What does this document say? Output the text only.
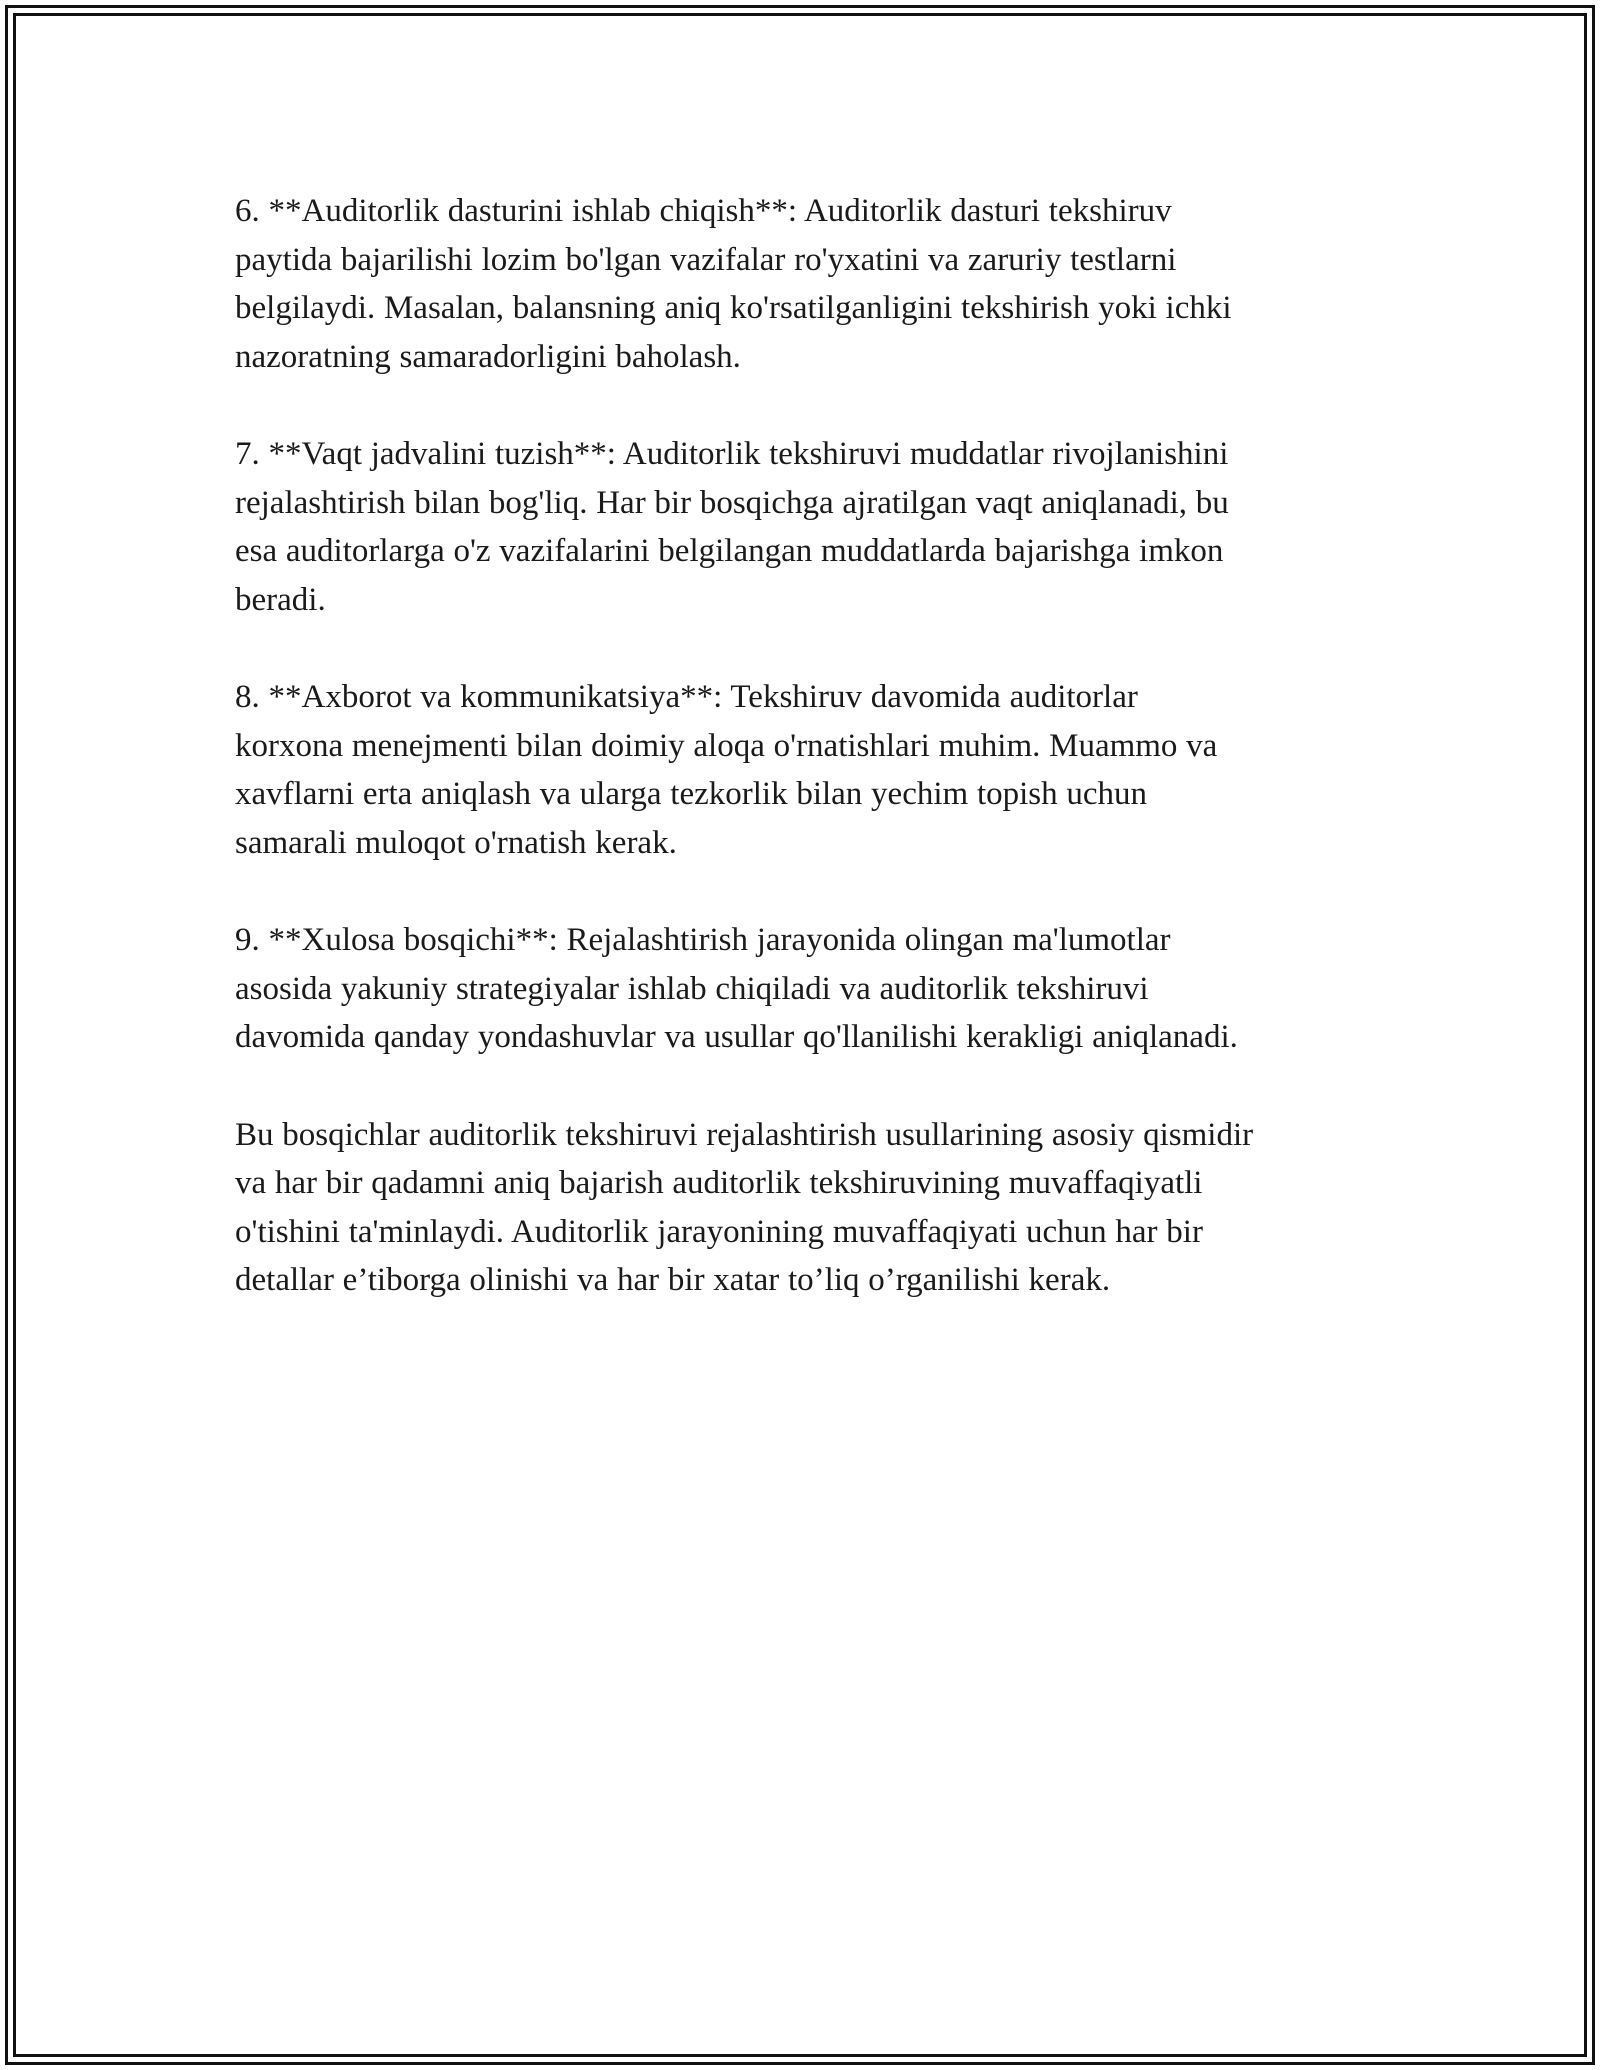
6. **Auditorlik dasturini ishlab chiqish**: Auditorlik dasturi tekshiruv
paytida bajarilishi lozim bo'lgan vazifalar ro'yxatini va zaruriy testlarni
belgilaydi. Masalan, balansning aniq ko'rsatilganligini tekshirish yoki ichki
nazoratning samaradorligini baholash.

7. **Vaqt jadvalini tuzish**: Auditorlik tekshiruvi muddatlar rivojlanishini
rejalashtirish bilan bog'liq. Har bir bosqichga ajratilgan vaqt aniqlanadi, bu
esa auditorlarga o'z vazifalarini belgilangan muddatlarda bajarishga imkon
beradi.

8. **Axborot va kommunikatsiya**: Tekshiruv davomida auditorlar
korxona menejmenti bilan doimiy aloqa o'rnatishlari muhim. Muammo va
xavflarni erta aniqlash va ularga tezkorlik bilan yechim topish uchun
samarali muloqot o'rnatish kerak.

9. **Xulosa bosqichi**: Rejalashtirish jarayonida olingan ma'lumotlar
asosida yakuniy strategiyalar ishlab chiqiladi va auditorlik tekshiruvi
davomida qanday yondashuvlar va usullar qo'llanilishi kerakligi aniqlanadi.

Bu bosqichlar auditorlik tekshiruvi rejalashtirish usullarining asosiy qismidir
va har bir qadamni aniq bajarish auditorlik tekshiruvining muvaffaqiyatli
o'tishini ta'minlaydi. Auditorlik jarayonining muvaffaqiyati uchun har bir
detallar e’tiborga olinishi va har bir xatar to’liq o’rganilishi kerak.
